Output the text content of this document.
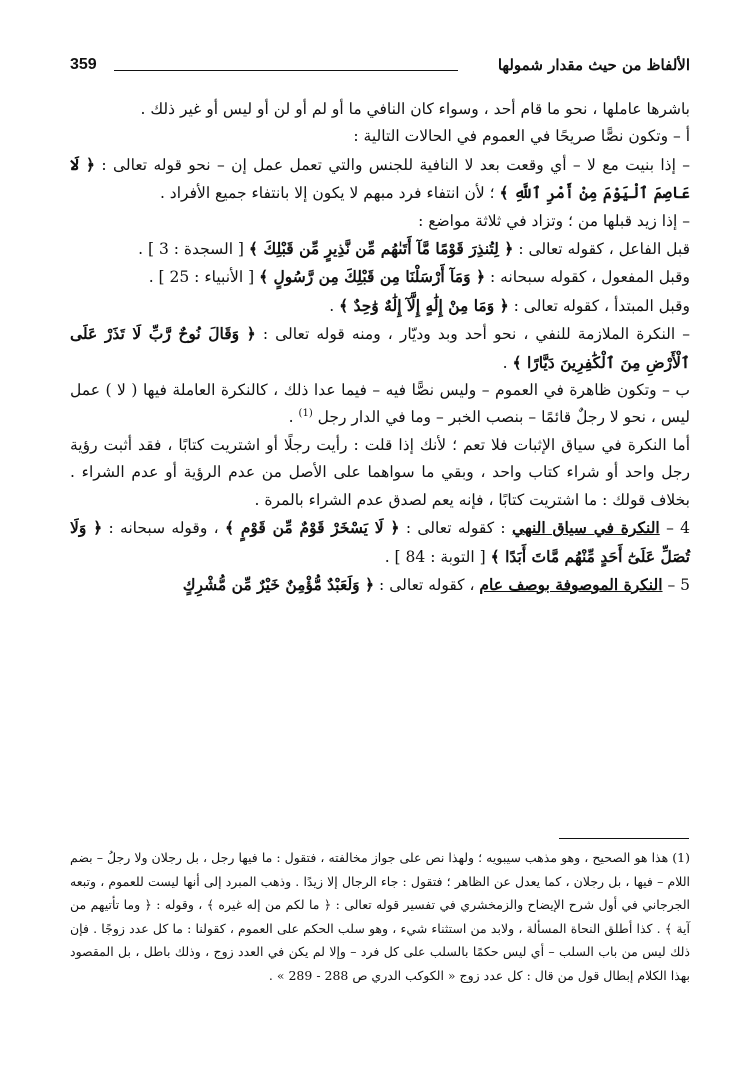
الألفاظ من حيث مقدار شمولها
359

باشرها عاملها ، نحو ما قام أحد ، وسواء كان النافي ما أو لم أو لن أو ليس أو غير ذلك .

أ – وتكون نصًّا صريحًا في العموم في الحالات التالية :

– إذا بنيت مع لا – أي وقعت بعد لا النافية للجنس والتي تعمل عمل إن – نحو قوله تعالى : ﴿ لَا عَاصِمَ ٱلْيَوْمَ مِنْ أَمْرِ ٱللَّهِ ﴾ ؛ لأن انتفاء فرد مبهم لا يكون إلا بانتفاء جميع الأفراد .

– إذا زيد قبلها من ؛ وتزاد في ثلاثة مواضع :

قبل الفاعل ، كقوله تعالى : ﴿ لِتُنذِرَ قَوْمًا مَّآ أَتَىٰهُم مِّن نَّذِيرٍ مِّن قَبْلِكَ ﴾ [ السجدة : 3 ] .

وقبل المفعول ، كقوله سبحانه : ﴿ وَمَآ أَرْسَلْنَا مِن قَبْلِكَ مِن رَّسُولٍ ﴾ [ الأنبياء : 25 ] .

وقبل المبتدأ ، كقوله تعالى : ﴿ وَمَا مِنْ إِلَٰهٍ إِلَّآ إِلَٰهٌ وَٰحِدٌ ﴾ .

– النكرة الملازمة للنفي ، نحو أحد وبد وديّار ، ومنه قوله تعالى : ﴿ وَقَالَ نُوحٌ رَّبِّ لَا تَذَرْ عَلَى ٱلْأَرْضِ مِنَ ٱلْكَٰفِرِينَ دَيَّارًا ﴾ .

ب – وتكون ظاهرة في العموم – وليس نصًّا فيه – فيما عدا ذلك ، كالنكرة العاملة فيها ( لا ) عمل ليس ، نحو لا رجلٌ قائمًا – بنصب الخبر – وما في الدار رجل $^{(1)}$ .

أما النكرة في سياق الإثبات فلا تعم ؛ لأنك إذا قلت : رأيت رجلًا أو اشتريت كتابًا ، فقد أثبت رؤية رجل واحد أو شراء كتاب واحد ، وبقي ما سواهما على الأصل من عدم الرؤية أو عدم الشراء . بخلاف قولك : ما اشتريت كتابًا ، فإنه يعم لصدق عدم الشراء بالمرة .

4 – النكرة في سياق النهي : كقوله تعالى : ﴿ لَا يَسْخَرْ قَوْمٌ مِّن قَوْمٍ ﴾ ، وقوله سبحانه : ﴿ وَلَا تُصَلِّ عَلَىٰٓ أَحَدٍ مِّنْهُم مَّاتَ أَبَدًا ﴾ [ التوبة : 84 ] .

5 – النكرة الموصوفة بوصف عام ، كقوله تعالى : ﴿ وَلَعَبْدٌ مُّؤْمِنٌ خَيْرٌ مِّن مُّشْرِكٍ

(1) هذا هو الصحيح ، وهو مذهب سيبويه ؛ ولهذا نص على جواز مخالفته ، فتقول : ما فيها رجل ، بل رجلان ولا رجلُ – بضم اللام – فيها ، بل رجلان ، كما يعدل عن الظاهر ؛ فتقول : جاء الرجال إلا زيدًا . وذهب المبرد إلى أنها ليست للعموم ، وتبعه الجرجاني في أول شرح الإيضاح والزمخشري في تفسير قوله تعالى : ﴿ ما لكم من إله غيره ﴾ ، وقوله : ﴿ وما تأتيهم من آية ﴾ . كذا أطلق النحاة المسألة ، ولابد من استثناء شيء ، وهو سلب الحكم على العموم ، كقولنا : ما كل عدد زوجًا . فإن ذلك ليس من باب السلب – أي ليس حكمًا بالسلب على كل فرد – وإلا لم يكن في العدد زوج ، وذلك باطل ، بل المقصود بهذا الكلام إبطال قول من قال : كل عدد زوج « الكوكب الدري ص 288 - 289 » .
